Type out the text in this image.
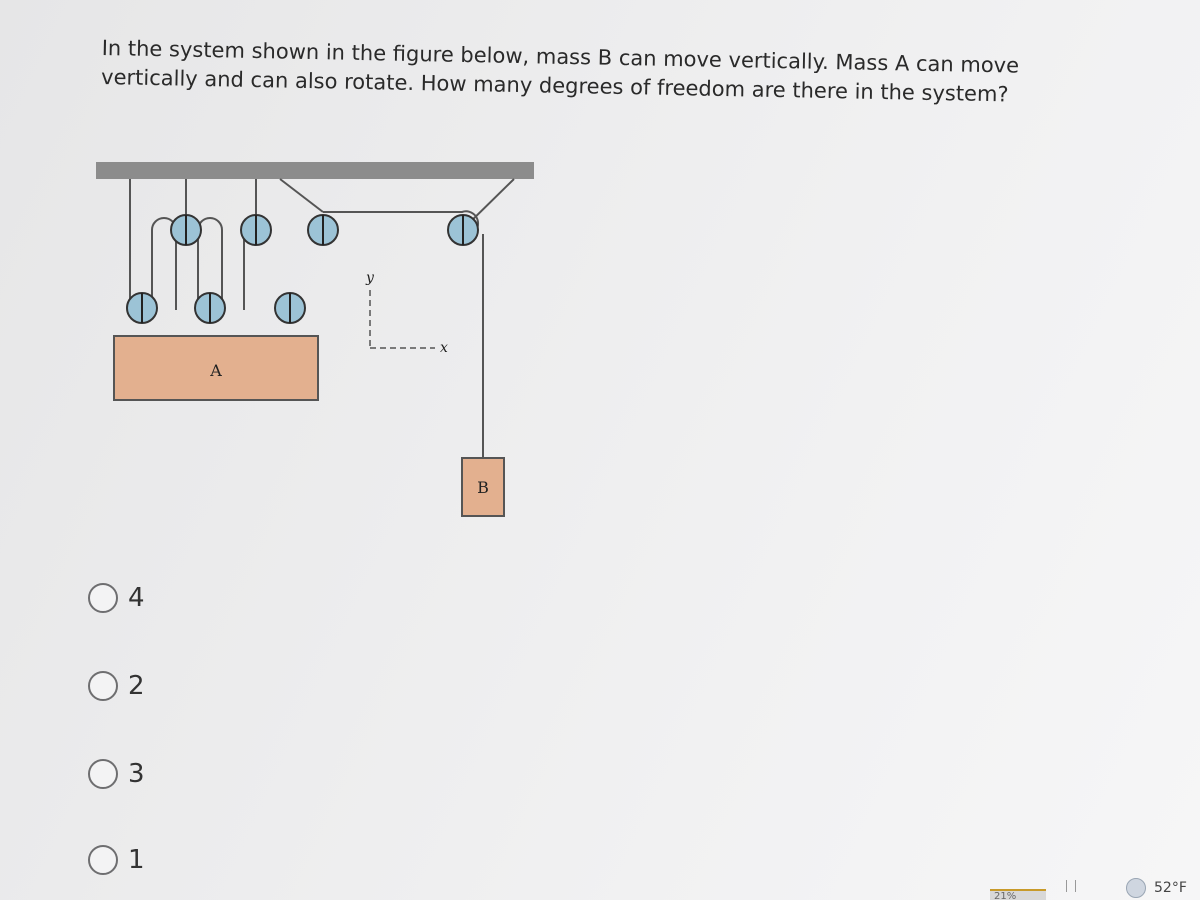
In the system shown in the figure below, mass B can move vertically. Mass A can move vertically and can also rotate. How many degrees of freedom are there in the system?

A
y
x
B
4
2
3
1
21%
52°F
